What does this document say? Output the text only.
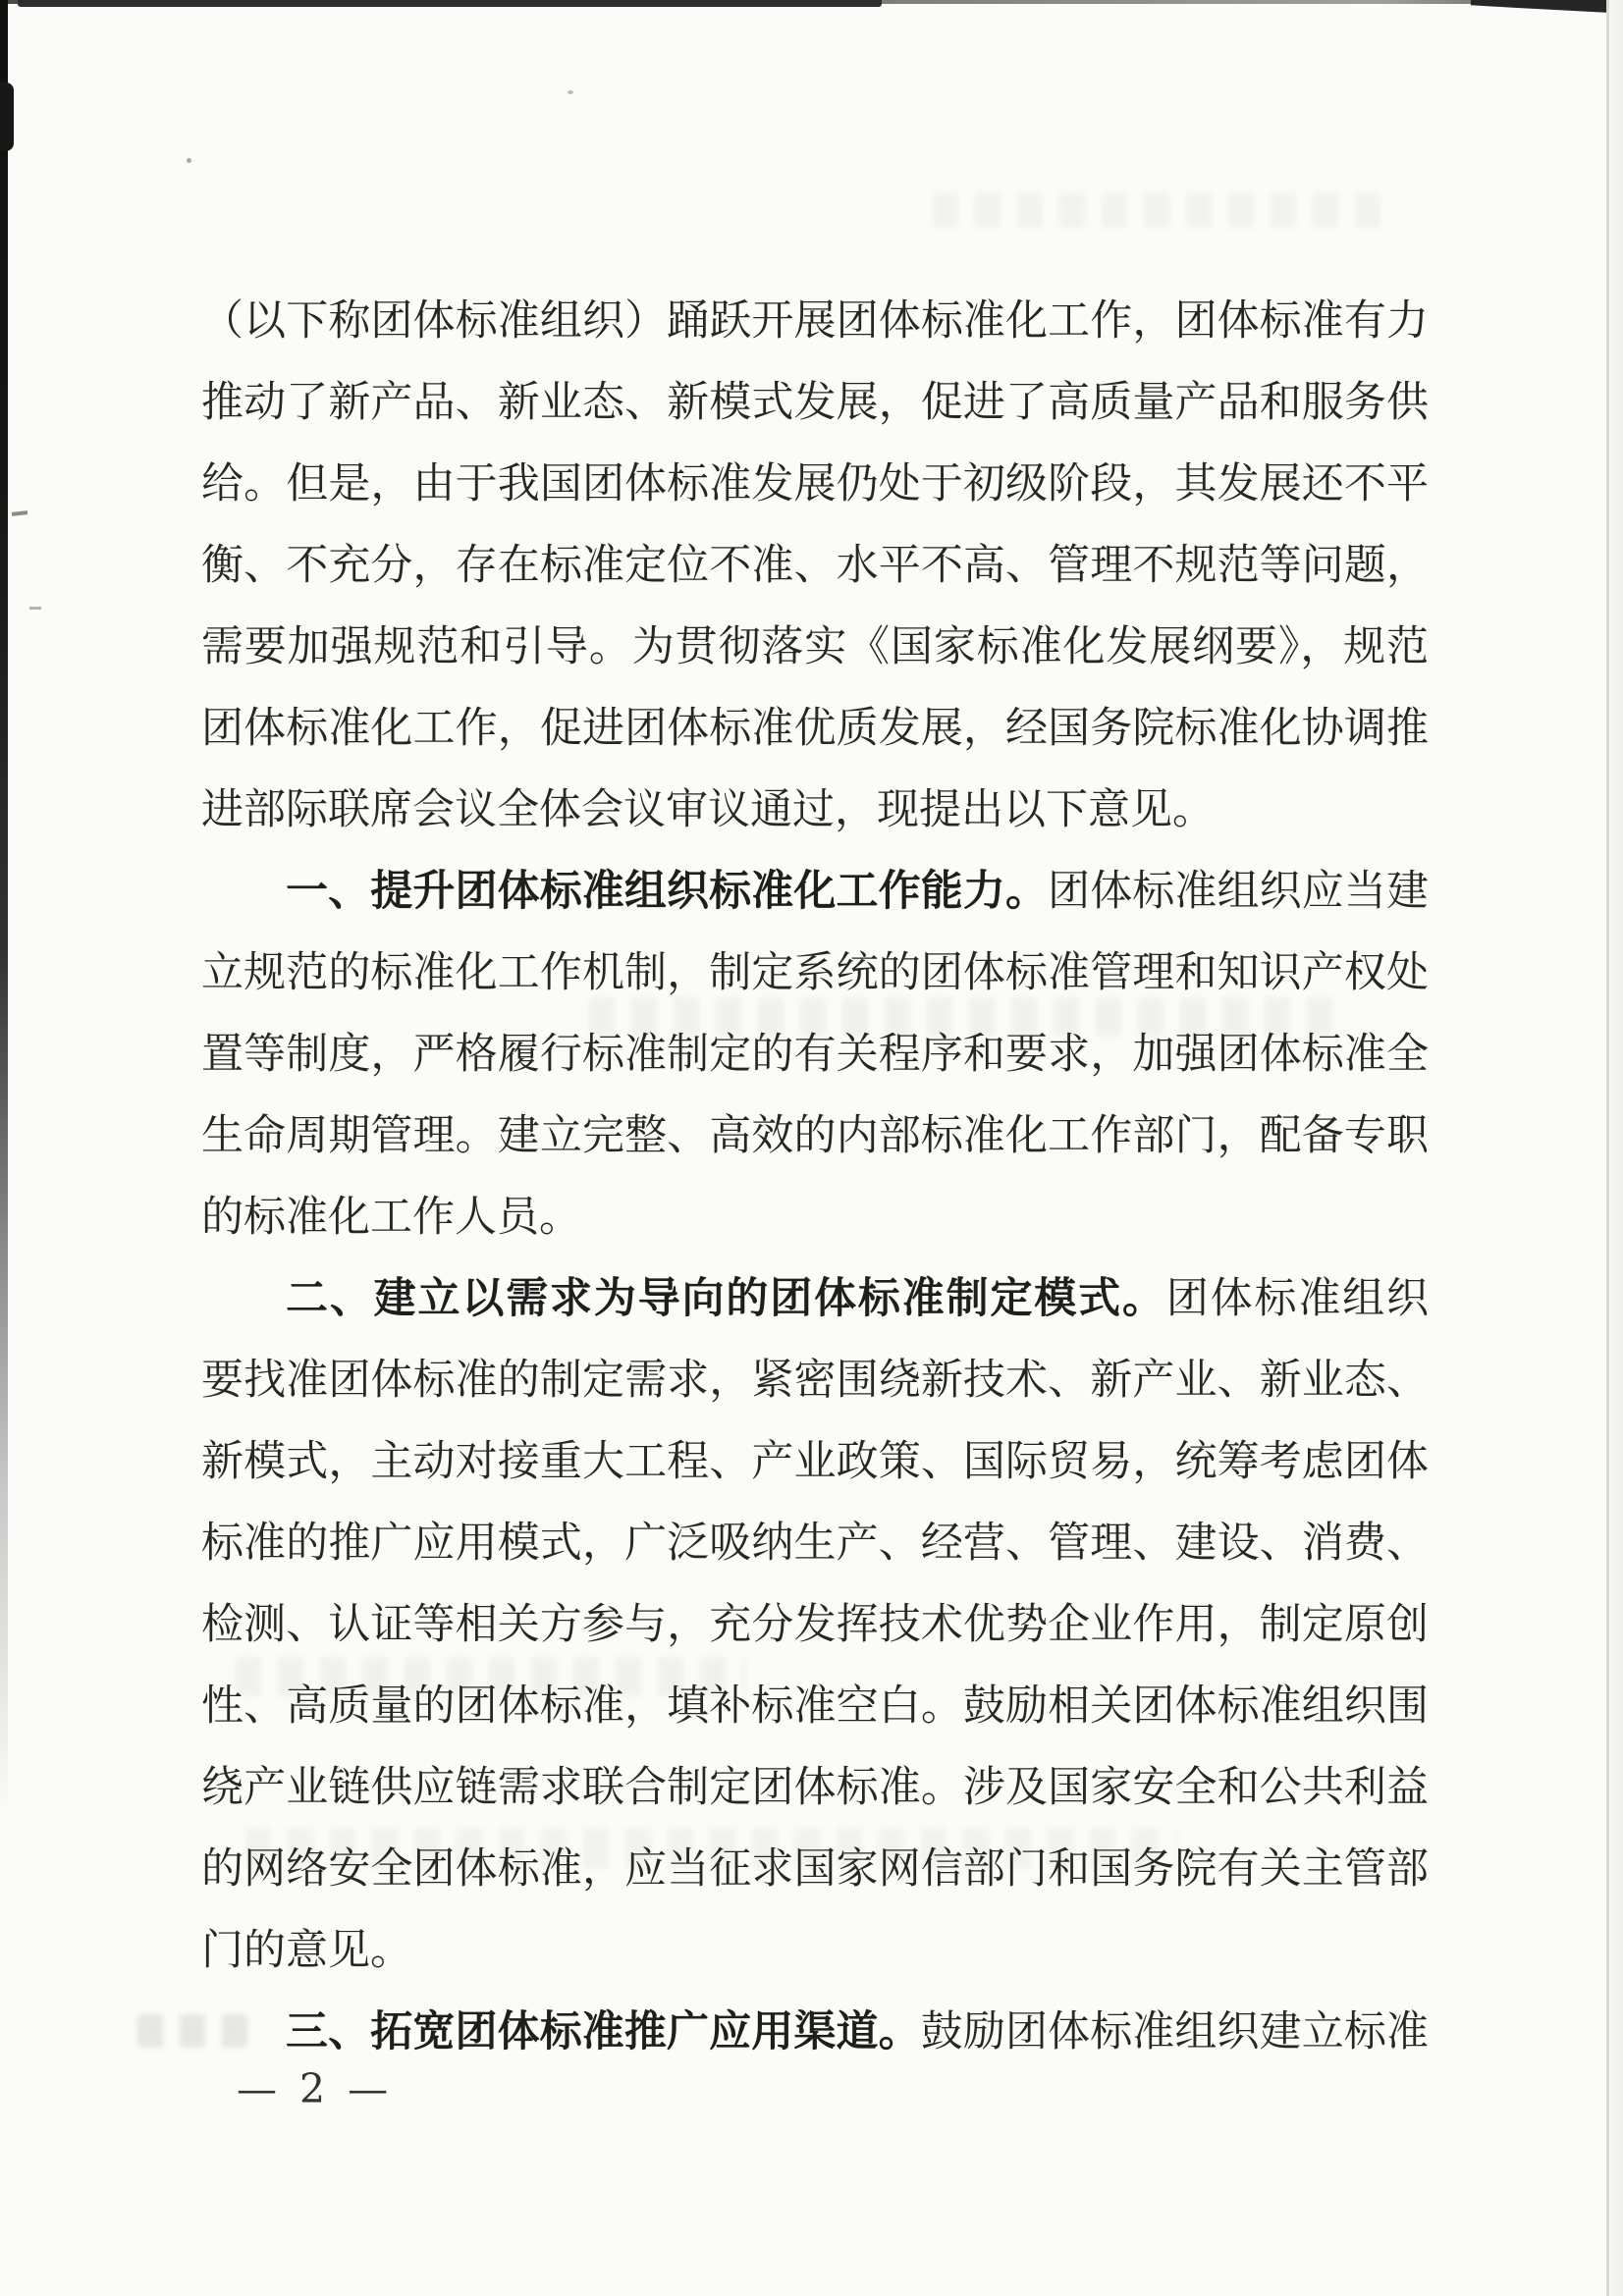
（以下称团体标准组织）踊跃开展团体标准化工作，团体标准有力
推动了新产品、新业态、新模式发展，促进了高质量产品和服务供
给。但是，由于我国团体标准发展仍处于初级阶段，其发展还不平
衡、不充分，存在标准定位不准、水平不高、管理不规范等问题，
需要加强规范和引导。为贯彻落实《国家标准化发展纲要》，规范
团体标准化工作，促进团体标准优质发展，经国务院标准化协调推
进部际联席会议全体会议审议通过，现提出以下意见。
一、提升团体标准组织标准化工作能力。团体标准组织应当建
立规范的标准化工作机制，制定系统的团体标准管理和知识产权处
置等制度，严格履行标准制定的有关程序和要求，加强团体标准全
生命周期管理。建立完整、高效的内部标准化工作部门，配备专职
的标准化工作人员。
二、建立以需求为导向的团体标准制定模式。团体标准组织
要找准团体标准的制定需求，紧密围绕新技术、新产业、新业态、
新模式，主动对接重大工程、产业政策、国际贸易，统筹考虑团体
标准的推广应用模式，广泛吸纳生产、经营、管理、建设、消费、
检测、认证等相关方参与，充分发挥技术优势企业作用，制定原创
性、高质量的团体标准，填补标准空白。鼓励相关团体标准组织围
绕产业链供应链需求联合制定团体标准。涉及国家安全和公共利益
的网络安全团体标准，应当征求国家网信部门和国务院有关主管部
门的意见。
三、拓宽团体标准推广应用渠道。鼓励团体标准组织建立标准
— 2 —
